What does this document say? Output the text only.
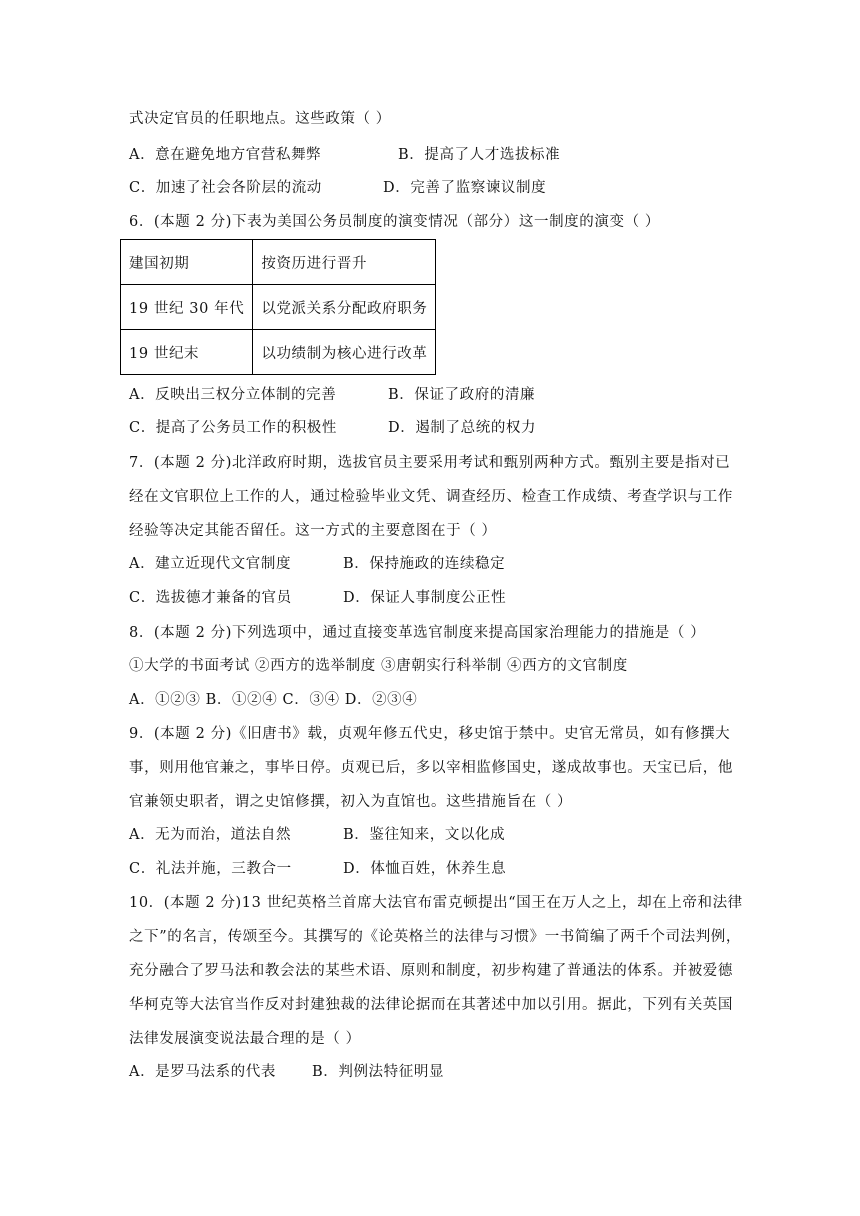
式决定官员的任职地点。这些政策（ ）
A．意在避免地方官营私舞弊	B．提高了人才选拔标准
C．加速了社会各阶层的流动	D．完善了监察谏议制度
6．(本题 2 分)下表为美国公务员制度的演变情况（部分）这一制度的演变（ ）
建国初期	按资历进行晋升
19 世纪 30 年代	以党派关系分配政府职务
19 世纪末	以功绩制为核心进行改革
A．反映出三权分立体制的完善	B．保证了政府的清廉
C．提高了公务员工作的积极性	D．遏制了总统的权力
7．(本题 2 分)北洋政府时期，选拔官员主要采用考试和甄别两种方式。甄别主要是指对已
经在文官职位上工作的人，通过检验毕业文凭、调查经历、检查工作成绩、考查学识与工作
经验等决定其能否留任。这一方式的主要意图在于（ ）
A．建立近现代文官制度	B．保持施政的连续稳定
C．选拔德才兼备的官员	D．保证人事制度公正性
8．(本题 2 分)下列选项中，通过直接变革选官制度来提高国家治理能力的措施是（ ）
①大学的书面考试 ②西方的选举制度 ③唐朝实行科举制 ④西方的文官制度
A．①②③ B．①②④ C．③④ D．②③④
9．(本题 2 分)《旧唐书》载，贞观年修五代史，移史馆于禁中。史官无常员，如有修撰大
事，则用他官兼之，事毕日停。贞观已后，多以宰相监修国史，遂成故事也。天宝已后，他
官兼领史职者，谓之史馆修撰，初入为直馆也。这些措施旨在（ ）
A．无为而治，道法自然	B．鉴往知来，文以化成
C．礼法并施，三教合一	D．体恤百姓，休养生息
10．(本题 2 分)13 世纪英格兰首席大法官布雷克顿提出“国王在万人之上，却在上帝和法律
之下”的名言，传颂至今。其撰写的《论英格兰的法律与习惯》一书简编了两千个司法判例，
充分融合了罗马法和教会法的某些术语、原则和制度，初步构建了普通法的体系。并被爱德
华柯克等大法官当作反对封建独裁的法律论据而在其著述中加以引用。据此，下列有关英国
法律发展演变说法最合理的是（ ）
A．是罗马法系的代表 B．判例法特征明显
